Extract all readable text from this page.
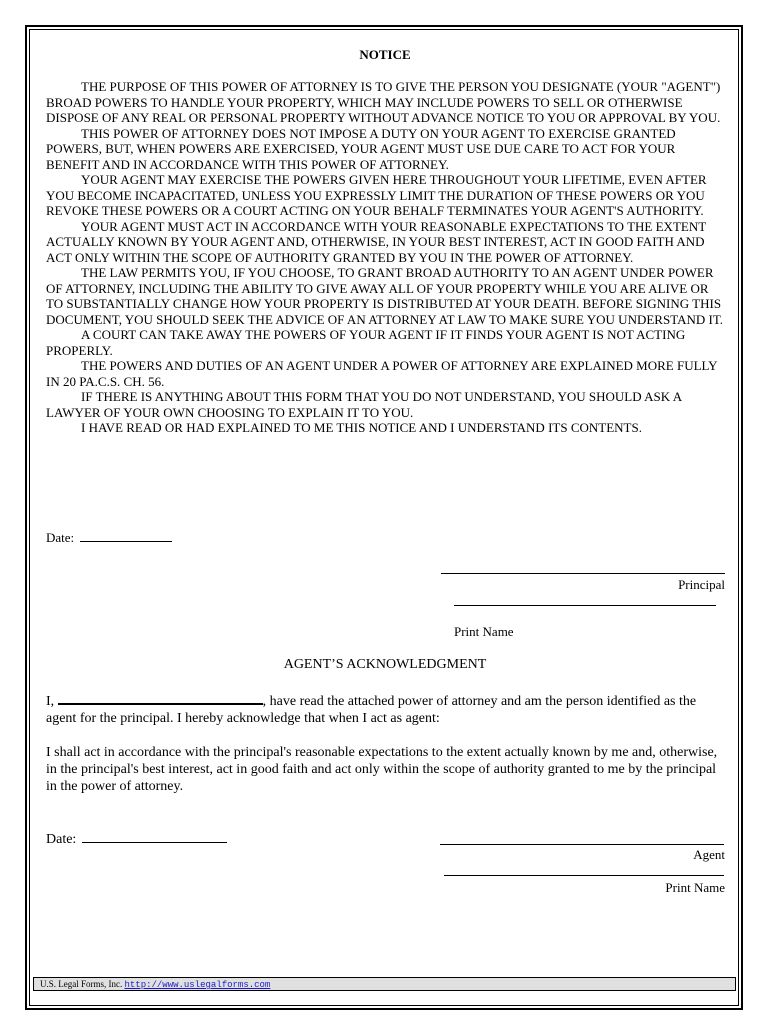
NOTICE

THE PURPOSE OF THIS POWER OF ATTORNEY IS TO GIVE THE PERSON YOU DESIGNATE (YOUR "AGENT") BROAD POWERS TO HANDLE YOUR PROPERTY, WHICH MAY INCLUDE POWERS TO SELL OR OTHERWISE DISPOSE OF ANY REAL OR PERSONAL PROPERTY WITHOUT ADVANCE NOTICE TO YOU OR APPROVAL BY YOU.

THIS POWER OF ATTORNEY DOES NOT IMPOSE A DUTY ON YOUR AGENT TO EXERCISE GRANTED POWERS, BUT, WHEN POWERS ARE EXERCISED, YOUR AGENT MUST USE DUE CARE TO ACT FOR YOUR BENEFIT AND IN ACCORDANCE WITH THIS POWER OF ATTORNEY.

YOUR AGENT MAY EXERCISE THE POWERS GIVEN HERE THROUGHOUT YOUR LIFETIME, EVEN AFTER YOU BECOME INCAPACITATED, UNLESS YOU EXPRESSLY LIMIT THE DURATION OF THESE POWERS OR YOU REVOKE THESE POWERS OR A COURT ACTING ON YOUR BEHALF TERMINATES YOUR AGENT'S AUTHORITY.

YOUR AGENT MUST ACT IN ACCORDANCE WITH YOUR REASONABLE EXPECTATIONS TO THE EXTENT ACTUALLY KNOWN BY YOUR AGENT AND, OTHERWISE, IN YOUR BEST INTEREST, ACT IN GOOD FAITH AND ACT ONLY WITHIN THE SCOPE OF AUTHORITY GRANTED BY YOU IN THE POWER OF ATTORNEY.

THE LAW PERMITS YOU, IF YOU CHOOSE, TO GRANT BROAD AUTHORITY TO AN AGENT UNDER POWER OF ATTORNEY, INCLUDING THE ABILITY TO GIVE AWAY ALL OF YOUR PROPERTY WHILE YOU ARE ALIVE OR TO SUBSTANTIALLY CHANGE HOW YOUR PROPERTY IS DISTRIBUTED AT YOUR DEATH. BEFORE SIGNING THIS DOCUMENT, YOU SHOULD SEEK THE ADVICE OF AN ATTORNEY AT LAW TO MAKE SURE YOU UNDERSTAND IT.

A COURT CAN TAKE AWAY THE POWERS OF YOUR AGENT IF IT FINDS YOUR AGENT IS NOT ACTING PROPERLY.

THE POWERS AND DUTIES OF AN AGENT UNDER A POWER OF ATTORNEY ARE EXPLAINED MORE FULLY IN 20 PA.C.S. CH. 56.

IF THERE IS ANYTHING ABOUT THIS FORM THAT YOU DO NOT UNDERSTAND, YOU SHOULD ASK A LAWYER OF YOUR OWN CHOOSING TO EXPLAIN IT TO YOU.

I HAVE READ OR HAD EXPLAINED TO ME THIS NOTICE AND I UNDERSTAND ITS CONTENTS.

Date:
Principal
Print Name
AGENT’S ACKNOWLEDGMENT
I,	, have read the attached power of attorney and am the person identified as the agent for the principal. I hereby acknowledge that when I act as agent:
I shall act in accordance with the principal's reasonable expectations to the extent actually known by me and, otherwise, in the principal's best interest, act in good faith and act only within the scope of authority granted to me by the principal in the power of attorney.
Date:
Agent
Print Name
U.S. Legal Forms, Inc. http://www.uslegalforms.com
